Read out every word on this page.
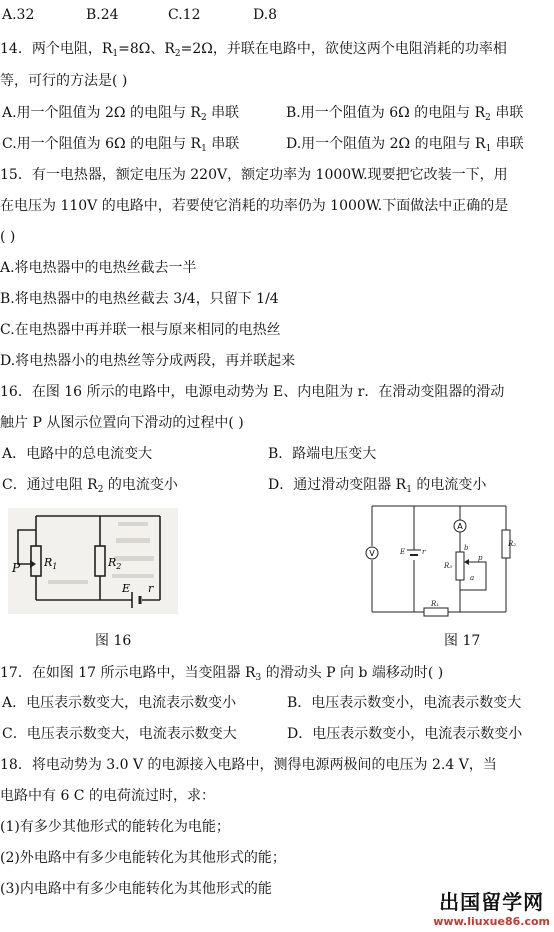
A.32	B.24	C.12	D.8
14．两个电阻，$R_1=8\Omega$、$R_2=2\Omega$，并联在电路中，欲使这两个电阻消耗的功率相
等，可行的方法是( )
A.用一个阻值为 2Ω 的电阻与 $R_2$ 串联	B.用一个阻值为 6Ω 的电阻与 $R_2$ 串联
C.用一个阻值为 6Ω 的电阻与 $R_1$ 串联	D.用一个阻值为 2Ω 的电阻与 $R_1$ 串联
15．有一电热器，额定电压为 220V，额定功率为 1000W.现要把它改装一下，用
在电压为 110V 的电路中，若要使它消耗的功率仍为 1000W.下面做法中正确的是
( )
A.将电热器中的电热丝截去一半
B.将电热器中的电热丝截去 3/4，只留下 1/4
C.在电热器中再并联一根与原来相同的电热丝
D.将电热器小的电热丝等分成两段，再并联起来
16．在图 16 所示的电路中，电源电动势为 E、内电阻为 r．在滑动变阻器的滑动
触片 P 从图示位置向下滑动的过程中( )
A．电路中的总电流变大	B．路端电压变大
C．通过电阻 $R_2$ 的电流变小	D．通过滑动变阻器 $R_1$ 的电流变小
P $R_1$	$R_2$
E r
图 16
V
A
E r
R₁
R₂
R₃
b
p
a
图 17
17．在如图 17 所示电路中，当变阻器 $R_3$ 的滑动头 P 向 b 端移动时( )
A．电压表示数变大，电流表示数变小	B．电压表示数变小，电流表示数变大
C．电压表示数变大，电流表示数变大	D．电压表示数变小，电流表示数变小
18．将电动势为 3.0 V 的电源接入电路中，测得电源两极间的电压为 2.4 V，当
电路中有 6 C 的电荷流过时，求：
(1)有多少其他形式的能转化为电能；
(2)外电路中有多少电能转化为其他形式的能；
(3)内电路中有多少电能转化为其他形式的能
出国留学网
www.liuxue86.com
